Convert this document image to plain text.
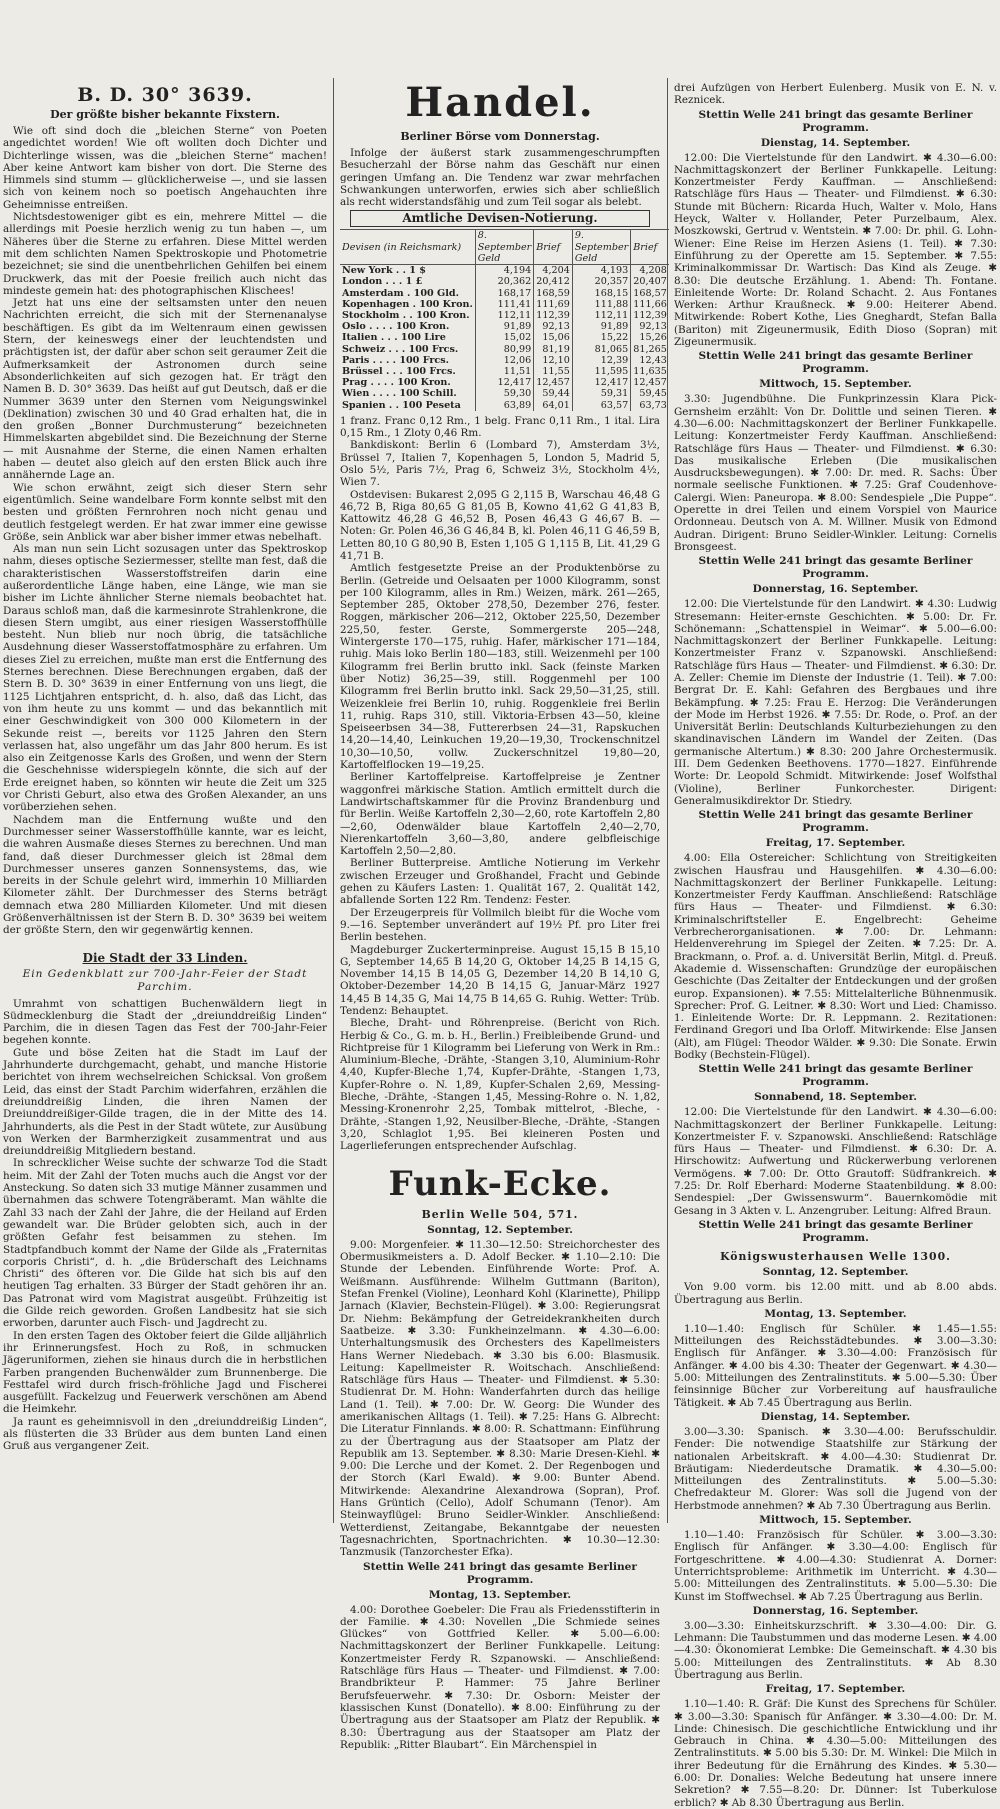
B. D. 30° 3639.
Der größte bisher bekannte Fixstern.

Wie oft sind doch die „bleichen Sterne“ von Poeten angedichtet worden! Wie oft wollten doch Dichter und Dichterlinge wissen, was die „bleichen Sterne“ machen! Aber keine Antwort kam bisher von dort. Die Sterne des Himmels sind stumm — glücklicherweise —, und sie lassen sich von keinem noch so poetisch Angehauchten ihre Geheimnisse entreißen.

Nichtsdestoweniger gibt es ein, mehrere Mittel — die allerdings mit Poesie herzlich wenig zu tun haben —, um Näheres über die Sterne zu erfahren. Diese Mittel werden mit dem schlichten Namen Spektroskopie und Photometrie bezeichnet; sie sind die unentbehrlichen Gehilfen bei einem Druckwerk, das mit der Poesie freilich auch nicht das mindeste gemein hat: des photographischen Klischees!

Jetzt hat uns eine der seltsamsten unter den neuen Nachrichten erreicht, die sich mit der Sternenanalyse beschäftigen. Es gibt da im Weltenraum einen gewissen Stern, der keineswegs einer der leuchtendsten und prächtigsten ist, der dafür aber schon seit geraumer Zeit die Aufmerksamkeit der Astronomen durch seine Absonderlichkeiten auf sich gezogen hat. Er trägt den Namen B. D. 30° 3639. Das heißt auf gut Deutsch, daß er die Nummer 3639 unter den Sternen vom Neigungswinkel (Deklination) zwischen 30 und 40 Grad erhalten hat, die in den großen „Bonner Durchmusterung“ bezeichneten Himmelskarten abgebildet sind. Die Bezeichnung der Sterne — mit Ausnahme der Sterne, die einen Namen erhalten haben — deutet also gleich auf den ersten Blick auch ihre annähernde Lage an.

Wie schon erwähnt, zeigt sich dieser Stern sehr eigentümlich. Seine wandelbare Form konnte selbst mit den besten und größten Fernrohren noch nicht genau und deutlich festgelegt werden. Er hat zwar immer eine gewisse Größe, sein Anblick war aber bisher immer etwas nebelhaft.

Als man nun sein Licht sozusagen unter das Spektroskop nahm, dieses optische Seziermesser, stellte man fest, daß die charakteristischen Wasserstoffstreifen darin eine außerordentliche Länge haben, eine Länge, wie man sie bisher im Lichte ähnlicher Sterne niemals beobachtet hat. Daraus schloß man, daß die karmesinrote Strahlenkrone, die diesen Stern umgibt, aus einer riesigen Wasserstoffhülle besteht. Nun blieb nur noch übrig, die tatsächliche Ausdehnung dieser Wasserstoffatmosphäre zu erfahren. Um dieses Ziel zu erreichen, mußte man erst die Entfernung des Sternes berechnen. Diese Berechnungen ergaben, daß der Stern B. D. 30° 3639 in einer Entfernung von uns liegt, die 1125 Lichtjahren entspricht, d. h. also, daß das Licht, das von ihm heute zu uns kommt — und das bekanntlich mit einer Geschwindigkeit von 300 000 Kilometern in der Sekunde reist —, bereits vor 1125 Jahren den Stern verlassen hat, also ungefähr um das Jahr 800 herum. Es ist also ein Zeitgenosse Karls des Großen, und wenn der Stern die Geschehnisse widerspiegeln könnte, die sich auf der Erde ereignet haben, so könnten wir heute die Zeit um 325 vor Christi Geburt, also etwa des Großen Alexander, an uns vorüberziehen sehen.

Nachdem man die Entfernung wußte und den Durchmesser seiner Wasserstoffhülle kannte, war es leicht, die wahren Ausmaße dieses Sternes zu berechnen. Und man fand, daß dieser Durchmesser gleich ist 28mal dem Durchmesser unseres ganzen Sonnensystems, das, wie bereits in der Schule gelehrt wird, immerhin 10 Milliarden Kilometer zählt. Der Durchmesser des Sterns beträgt demnach etwa 280 Milliarden Kilometer. Und mit diesen Größenverhältnissen ist der Stern B. D. 30° 3639 bei weitem der größte Stern, den wir gegenwärtig kennen.

Die Stadt der 33 Linden.
Ein Gedenkblatt zur 700-Jahr-Feier der Stadt Parchim.

Umrahmt von schattigen Buchenwäldern liegt in Südmecklenburg die Stadt der „dreiunddreißig Linden“ Parchim, die in diesen Tagen das Fest der 700-Jahr-Feier begehen konnte.

Gute und böse Zeiten hat die Stadt im Lauf der Jahrhunderte durchgemacht, gehabt, und manche Historie berichtet von ihrem wechselreichen Schicksal. Von großem Leid, das einst der Stadt Parchim widerfahren, erzählen die dreiunddreißig Linden, die ihren Namen der Dreiunddreißiger-Gilde tragen, die in der Mitte des 14. Jahrhunderts, als die Pest in der Stadt wütete, zur Ausübung von Werken der Barmherzigkeit zusammentrat und aus dreiunddreißig Mitgliedern bestand.

In schrecklicher Weise suchte der schwarze Tod die Stadt heim. Mit der Zahl der Toten muchs auch die Angst vor der Ansteckung. So daten sich 33 mutige Männer zusammen und übernahmen das schwere Totengräberamt. Man wählte die Zahl 33 nach der Zahl der Jahre, die der Heiland auf Erden gewandelt war. Die Brüder gelobten sich, auch in der größten Gefahr fest beisammen zu stehen. Im Stadtpfandbuch kommt der Name der Gilde als „Fraternitas corporis Christi“, d. h. „die Brüderschaft des Leichnams Christi“ des öfteren vor. Die Gilde hat sich bis auf den heutigen Tag erhalten. 33 Bürger der Stadt gehören ihr an. Das Patronat wird vom Magistrat ausgeübt. Frühzeitig ist die Gilde reich geworden. Großen Landbesitz hat sie sich erworben, darunter auch Fisch- und Jagdrecht zu.

In den ersten Tagen des Oktober feiert die Gilde alljährlich ihr Erinnerungsfest. Hoch zu Roß, in schmucken Jägeruniformen, ziehen sie hinaus durch die in herbstlichen Farben prangenden Buchenwälder zum Brunnenberge. Die Festtafel wird durch frisch-fröhliche Jagd und Fischerei ausgefüllt. Fackelzug und Feuerwerk verschönen am Abend die Heimkehr.

Ja raunt es geheimnisvoll in den „dreiunddreißig Linden“, als flüsterten die 33 Brüder aus dem bunten Land einen Gruß aus vergangener Zeit.

Handel.
Berliner Börse vom Donnerstag.

Infolge der äußerst stark zusammengeschrumpften Besucherzahl der Börse nahm das Geschäft nur einen geringen Umfang an. Die Tendenz war zwar mehrfachen Schwankungen unterworfen, erwies sich aber schließlich als recht widerstandsfähig und zum Teil sogar als belebt.

Amtliche Devisen-Notierung.
Devisen (in Reichsmark)	8. September Geld	Brief	9. September Geld	Brief
New York . . 1 $	4,194	4,204	4,193	4,208
London . . . 1 £	20,362	20,412	20,357	20,407
Amsterdam . 100 Gld.	168,17	168,59	168,15	168,57
Kopenhagen . 100 Kron.	111,41	111,69	111,88	111,66
Stockholm . . 100 Kron.	112,11	112,39	112,11	112,39
Oslo . . . . 100 Kron.	91,89	92,13	91,89	92,13
Italien . . . 100 Lire	15,02	15,06	15,22	15,26
Schweiz . . . 100 Frcs.	80,99	81,19	81,065	81,265
Paris . . . . 100 Frcs.	12,06	12,10	12,39	12,43
Brüssel . . . 100 Frcs.	11,51	11,55	11,595	11,635
Prag . . . . 100 Kron.	12,417	12,457	12,417	12,457
Wien . . . . 100 Schill.	59,30	59,44	59,31	59,45
Spanien . . 100 Peseta	63,89	64,01	63,57	63,73

1 franz. Franc 0,12 Rm., 1 belg. Franc 0,11 Rm., 1 ital. Lira 0,15 Rm., 1 Zloty 0,46 Rm.

Bankdiskont: Berlin 6 (Lombard 7), Amsterdam 3½, Brüssel 7, Italien 7, Kopenhagen 5, London 5, Madrid 5, Oslo 5½, Paris 7½, Prag 6, Schweiz 3½, Stockholm 4½, Wien 7.

Ostdevisen: Bukarest 2,095 G 2,115 B, Warschau 46,48 G 46,72 B, Riga 80,65 G 81,05 B, Kowno 41,62 G 41,83 B, Kattowitz 46,28 G 46,52 B, Posen 46,43 G 46,67 B. — Noten: Gr. Polen 46,36 G 46,84 B, kl. Polen 46,11 G 46,59 B, Letten 80,10 G 80,90 B, Esten 1,105 G 1,115 B, Lit. 41,29 G 41,71 B.

Amtlich festgesetzte Preise an der Produktenbörse zu Berlin. (Getreide und Oelsaaten per 1000 Kilogramm, sonst per 100 Kilogramm, alles in Rm.) Weizen, märk. 261—265, September 285, Oktober 278,50, Dezember 276, fester. Roggen, märkischer 206—212, Oktober 225,50, Dezember 225,50, fester. Gerste, Sommergerste 205—248, Wintergerste 170—175, ruhig. Hafer, märkischer 171—184, ruhig. Mais loko Berlin 180—183, still. Weizenmehl per 100 Kilogramm frei Berlin brutto inkl. Sack (feinste Marken über Notiz) 36,25—39, still. Roggenmehl per 100 Kilogramm frei Berlin brutto inkl. Sack 29,50—31,25, still. Weizenkleie frei Berlin 10, ruhig. Roggenkleie frei Berlin 11, ruhig. Raps 310, still. Viktoria-Erbsen 43—50, kleine Speiseerbsen 34—38, Futtererbsen 24—31, Rapskuchen 14,20—14,40, Leinkuchen 19,20—19,30, Trockenschnitzel 10,30—10,50, vollw. Zuckerschnitzel 19,80—20, Kartoffelflocken 19—19,25.

Berliner Kartoffelpreise. Kartoffelpreise je Zentner waggonfrei märkische Station. Amtlich ermittelt durch die Landwirtschaftskammer für die Provinz Brandenburg und für Berlin. Weiße Kartoffeln 2,30—2,60, rote Kartoffeln 2,80—2,60, Odenwälder blaue Kartoffeln 2,40—2,70, Nierenkartoffeln 3,60—3,80, andere gelbfleischige Kartoffeln 2,50—2,80.

Berliner Butterpreise. Amtliche Notierung im Verkehr zwischen Erzeuger und Großhandel, Fracht und Gebinde gehen zu Käufers Lasten: 1. Qualität 167, 2. Qualität 142, abfallende Sorten 122 Rm. Tendenz: Fester.

Der Erzeugerpreis für Vollmilch bleibt für die Woche vom 9.—16. September unverändert auf 19½ Pf. pro Liter frei Berlin bestehen.

Magdeburger Zuckerterminpreise. August 15,15 B 15,10 G, September 14,65 B 14,20 G, Oktober 14,25 B 14,15 G, November 14,15 B 14,05 G, Dezember 14,20 B 14,10 G, Oktober-Dezember 14,20 B 14,15 G, Januar-März 1927 14,45 B 14,35 G, Mai 14,75 B 14,65 G. Ruhig. Wetter: Trüb. Tendenz: Behauptet.

Bleche, Draht- und Röhrenpreise. (Bericht von Rich. Herbig & Co., G. m. b. H., Berlin.) Freibleibende Grund- und Richtpreise für 1 Kilogramm bei Lieferung von Werk in Rm.: Aluminium-Bleche, -Drähte, -Stangen 3,10, Aluminium-Rohr 4,40, Kupfer-Bleche 1,74, Kupfer-Drähte, -Stangen 1,73, Kupfer-Rohre o. N. 1,89, Kupfer-Schalen 2,69, Messing-Bleche, -Drähte, -Stangen 1,45, Messing-Rohre o. N. 1,82, Messing-Kronenrohr 2,25, Tombak mittelrot, -Bleche, -Drähte, -Stangen 1,92, Neusilber-Bleche, -Drähte, -Stangen 3,20, Schlaglot 1,95. Bei kleineren Posten und Lagerlieferungen entsprechender Aufschlag.

Funk-Ecke.
Berlin Welle 504, 571.
Sonntag, 12. September.

9.00: Morgenfeier. ✱ 11.30—12.50: Streichorchester des Obermusikmeisters a. D. Adolf Becker. ✱ 1.10—2.10: Die Stunde der Lebenden. Einführende Worte: Prof. A. Weißmann. Ausführende: Wilhelm Guttmann (Bariton), Stefan Frenkel (Violine), Leonhard Kohl (Klarinette), Philipp Jarnach (Klavier, Bechstein-Flügel). ✱ 3.00: Regierungsrat Dr. Niehm: Bekämpfung der Getreidekrankheiten durch Saatbeize. ✱ 3.30: Funkheinzelmann. ✱ 4.30—6.00: Unterhaltungsmusik des Orchesters des Kapellmeisters Hans Werner Niedebach. ✱ 3.30 bis 6.00: Blasmusik. Leitung: Kapellmeister R. Woitschach. Anschließend: Ratschläge fürs Haus — Theater- und Filmdienst. ✱ 5.30: Studienrat Dr. M. Hohn: Wanderfahrten durch das heilige Land (1. Teil). ✱ 7.00: Dr. W. Georg: Die Wunder des amerikanischen Alltags (1. Teil). ✱ 7.25: Hans G. Albrecht: Die Literatur Finnlands. ✱ 8.00: R. Schattmann: Einführung zu der Übertragung aus der Staatsoper am Platz der Republik am 13. September. ✱ 8.30: Marie Dresen-Kiehl. ✱ 9.00: Die Lerche und der Komet. 2. Der Regenbogen und der Storch (Karl Ewald). ✱ 9.00: Bunter Abend. Mitwirkende: Alexandrine Alexandrowa (Sopran), Prof. Hans Grüntich (Cello), Adolf Schumann (Tenor). Am Steinwayflügel: Bruno Seidler-Winkler. Anschließend: Wetterdienst, Zeitangabe, Bekanntgabe der neuesten Tagesnachrichten, Sportnachrichten. ✱ 10.30—12.30: Tanzmusik (Tanzorchester Efka).

Stettin Welle 241 bringt das gesamte Berliner Programm.
Montag, 13. September.

4.00: Dorothee Goebeler: Die Frau als Friedensstifterin in der Familie. ✱ 4.30: Novellen „Die Schmiede seines Glückes“ von Gottfried Keller. ✱ 5.00—6.00: Nachmittagskonzert der Berliner Funkkapelle. Leitung: Konzertmeister Ferdy R. Szpanowski. — Anschließend: Ratschläge fürs Haus — Theater- und Filmdienst. ✱ 7.00: Brandbrikteur P. Hammer: 75 Jahre Berliner Berufsfeuerwehr. ✱ 7.30: Dr. Osborn: Meister der klassischen Kunst (Donatello). ✱ 8.00: Einführung zu der Übertragung aus der Staatsoper am Platz der Republik. ✱ 8.30: Übertragung aus der Staatsoper am Platz der Republik: „Ritter Blaubart“. Ein Märchenspiel in

drei Aufzügen von Herbert Eulenberg. Musik von E. N. v. Reznicek.

Stettin Welle 241 bringt das gesamte Berliner Programm.
Dienstag, 14. September.

12.00: Die Viertelstunde für den Landwirt. ✱ 4.30—6.00: Nachmittagskonzert der Berliner Funkkapelle. Leitung: Konzertmeister Ferdy Kauffman. — Anschließend: Ratschläge fürs Haus — Theater- und Filmdienst. ✱ 6.30: Stunde mit Büchern: Ricarda Huch, Walter v. Molo, Hans Heyck, Walter v. Hollander, Peter Purzelbaum, Alex. Moszkowski, Gertrud v. Wentstein. ✱ 7.00: Dr. phil. G. Lohn-Wiener: Eine Reise im Herzen Asiens (1. Teil). ✱ 7.30: Einführung zu der Operette am 15. September. ✱ 7.55: Kriminalkommissar Dr. Wartisch: Das Kind als Zeuge. ✱ 8.30: Die deutsche Erzählung. 1. Abend: Th. Fontane. Einleitende Worte: Dr. Roland Schacht. 2. Aus Fontanes Werken: Arthur Kraußneck. ✱ 9.00: Heiterer Abend. Mitwirkende: Robert Kothe, Lies Gneghardt, Stefan Balla (Bariton) mit Zigeunermusik, Edith Dioso (Sopran) mit Zigeunermusik.

Stettin Welle 241 bringt das gesamte Berliner Programm.
Mittwoch, 15. September.

3.30: Jugendbühne. Die Funkprinzessin Klara Pick-Gernsheim erzählt: Von Dr. Dolittle und seinen Tieren. ✱ 4.30—6.00: Nachmittagskonzert der Berliner Funkkapelle. Leitung: Konzertmeister Ferdy Kauffman. Anschließend: Ratschläge fürs Haus — Theater- und Filmdienst. ✱ 6.30: Das musikalische Erleben (Die musikalischen Ausdrucksbewegungen). ✱ 7.00: Dr. med. R. Sachs: Über normale seelische Funktionen. ✱ 7.25: Graf Coudenhove-Calergi. Wien: Paneuropa. ✱ 8.00: Sendespiele „Die Puppe“. Operette in drei Teilen und einem Vorspiel von Maurice Ordonneau. Deutsch von A. M. Willner. Musik von Edmond Audran. Dirigent: Bruno Seidler-Winkler. Leitung: Cornelis Bronsgeest.

Stettin Welle 241 bringt das gesamte Berliner Programm.
Donnerstag, 16. September.

12.00: Die Viertelstunde für den Landwirt. ✱ 4.30: Ludwig Stresemann: Heiter-ernste Geschichten. ✱ 5.00: Dr. Fr. Schönemann: „Schattenspiel in Weimar“. ✱ 5.00—6.00: Nachmittagskonzert der Berliner Funkkapelle. Leitung: Konzertmeister Franz v. Szpanowski. Anschließend: Ratschläge fürs Haus — Theater- und Filmdienst. ✱ 6.30: Dr. A. Zeller: Chemie im Dienste der Industrie (1. Teil). ✱ 7.00: Bergrat Dr. E. Kahl: Gefahren des Bergbaues und ihre Bekämpfung. ✱ 7.25: Frau E. Herzog: Die Veränderungen der Mode im Herbst 1926. ✱ 7.55: Dr. Rode, o. Prof. an der Universität Berlin: Deutschlands Kulturbeziehungen zu den skandinavischen Ländern im Wandel der Zeiten. (Das germanische Altertum.) ✱ 8.30: 200 Jahre Orchestermusik. III. Dem Gedenken Beethovens. 1770—1827. Einführende Worte: Dr. Leopold Schmidt. Mitwirkende: Josef Wolfsthal (Violine), Berliner Funkorchester. Dirigent: Generalmusikdirektor Dr. Stiedry.

Stettin Welle 241 bringt das gesamte Berliner Programm.
Freitag, 17. September.

4.00: Ella Ostereicher: Schlichtung von Streitigkeiten zwischen Hausfrau und Hausgehilfen. ✱ 4.30—6.00: Nachmittagskonzert der Berliner Funkkapelle. Leitung: Konzertmeister Ferdy Kauffman. Anschließend: Ratschläge fürs Haus — Theater- und Filmdienst. ✱ 6.30: Kriminalschriftsteller E. Engelbrecht: Geheime Verbrecherorganisationen. ✱ 7.00: Dr. Lehmann: Heldenverehrung im Spiegel der Zeiten. ✱ 7.25: Dr. A. Brackmann, o. Prof. a. d. Universität Berlin, Mitgl. d. Preuß. Akademie d. Wissenschaften: Grundzüge der europäischen Geschichte (Das Zeitalter der Entdeckungen und der großen europ. Expansionen). ✱ 7.55: Mittelalterliche Bühnenmusik. Sprecher: Prof. G. Leitner. ✱ 8.30: Wort und Lied: Chamisso. 1. Einleitende Worte: Dr. R. Leppmann. 2. Rezitationen: Ferdinand Gregori und Iba Orloff. Mitwirkende: Else Jansen (Alt), am Flügel: Theodor Wälder. ✱ 9.30: Die Sonate. Erwin Bodky (Bechstein-Flügel).

Stettin Welle 241 bringt das gesamte Berliner Programm.
Sonnabend, 18. September.

12.00: Die Viertelstunde für den Landwirt. ✱ 4.30—6.00: Nachmittagskonzert der Berliner Funkkapelle. Leitung: Konzertmeister F. v. Szpanowski. Anschließend: Ratschläge fürs Haus — Theater- und Filmdienst. ✱ 6.30: Dr. A. Hirschowitz: Aufwertung und Rückerwerbung verlorenen Vermögens. ✱ 7.00: Dr. Otto Grautoff: Südfrankreich. ✱ 7.25: Dr. Rolf Eberhard: Moderne Staatenbildung. ✱ 8.00: Sendespiel: „Der Gwissenswurm“. Bauernkomödie mit Gesang in 3 Akten v. L. Anzengruber. Leitung: Alfred Braun.

Stettin Welle 241 bringt das gesamte Berliner Programm.
Königswusterhausen Welle 1300.
Sonntag, 12. September.

Von 9.00 vorm. bis 12.00 mitt. und ab 8.00 abds. Übertragung aus Berlin.

Montag, 13. September.

1.10—1.40: Englisch für Schüler. ✱ 1.45—1.55: Mitteilungen des Reichsstädtebundes. ✱ 3.00—3.30: Englisch für Anfänger. ✱ 3.30—4.00: Französisch für Anfänger. ✱ 4.00 bis 4.30: Theater der Gegenwart. ✱ 4.30—5.00: Mitteilungen des Zentralinstituts. ✱ 5.00—5.30: Über feinsinnige Bücher zur Vorbereitung auf hausfrauliche Tätigkeit. ✱ Ab 7.45 Übertragung aus Berlin.

Dienstag, 14. September.

3.00—3.30: Spanisch. ✱ 3.30—4.00: Berufsschuldir. Fender: Die notwendige Staatshilfe zur Stärkung der nationalen Arbeitskraft. ✱ 4.00—4.30: Studienrat Dr. Bräutigam: Niederdeutsche Dramatik. ✱ 4.30—5.00: Mitteilungen des Zentralinstituts. ✱ 5.00—5.30: Chefredakteur M. Glorer: Was soll die Jugend von der Herbstmode annehmen? ✱ Ab 7.30 Übertragung aus Berlin.

Mittwoch, 15. September.

1.10—1.40: Französisch für Schüler. ✱ 3.00—3.30: Englisch für Anfänger. ✱ 3.30—4.00: Englisch für Fortgeschrittene. ✱ 4.00—4.30: Studienrat A. Dorner: Unterrichtsprobleme: Arithmetik im Unterricht. ✱ 4.30—5.00: Mitteilungen des Zentralinstituts. ✱ 5.00—5.30: Die Kunst im Stoffwechsel. ✱ Ab 7.25 Übertragung aus Berlin.

Donnerstag, 16. September.

3.00—3.30: Einheitskurzschrift. ✱ 3.30—4.00: Dir. G. Lehmann: Die Taubstummen und das moderne Lesen. ✱ 4.00—4.30: Ökonomierat Lembke: Die Gemeinschaft. ✱ 4.30 bis 5.00: Mitteilungen des Zentralinstituts. ✱ Ab 8.30 Übertragung aus Berlin.

Freitag, 17. September.

1.10—1.40: R. Gräf: Die Kunst des Sprechens für Schüler. ✱ 3.00—3.30: Spanisch für Anfänger. ✱ 3.30—4.00: Dr. M. Linde: Chinesisch. Die geschichtliche Entwicklung und ihr Gebrauch in China. ✱ 4.30—5.00: Mitteilungen des Zentralinstituts. ✱ 5.00 bis 5.30: Dr. M. Winkel: Die Milch in ihrer Bedeutung für die Ernährung des Kindes. ✱ 5.30—6.00: Dr. Donalies: Welche Bedeutung hat unsere innere Sekretion? ✱ 7.55—8.20: Dr. Dünner: Ist Tuberkulose erblich? ✱ Ab 8.30 Übertragung aus Berlin.
